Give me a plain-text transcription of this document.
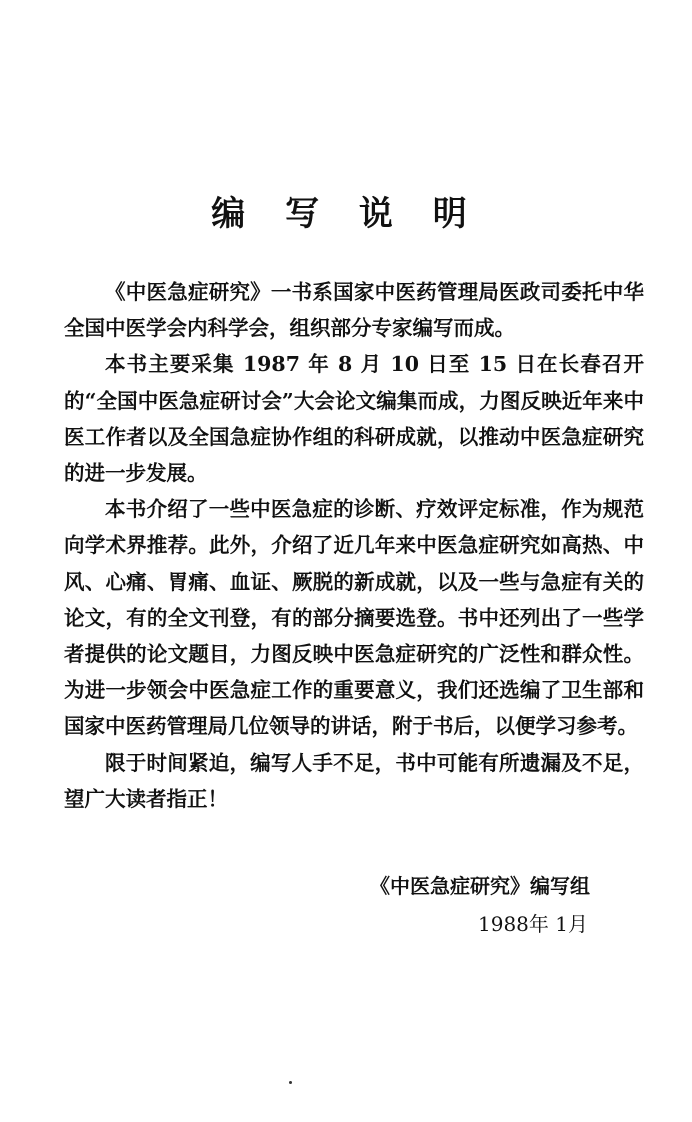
编 写 说 明

《中医急症研究》一书系国家中医药管理局医政司委托中华全国中医学会内科学会，组织部分专家编写而成。

本书主要采集 1987 年 8 月 10 日至 15 日在长春召开的“全国中医急症研讨会”大会论文编集而成，力图反映近年来中医工作者以及全国急症协作组的科研成就，以推动中医急症研究的进一步发展。

本书介绍了一些中医急症的诊断、疗效评定标准，作为规范向学术界推荐。此外，介绍了近几年来中医急症研究如高热、中风、心痛、胃痛、血证、厥脱的新成就，以及一些与急症有关的论文，有的全文刊登，有的部分摘要选登。书中还列出了一些学者提供的论文题目，力图反映中医急症研究的广泛性和群众性。为进一步领会中医急症工作的重要意义，我们还选编了卫生部和国家中医药管理局几位领导的讲话，附于书后，以便学习参考。

限于时间紧迫，编写人手不足，书中可能有所遗漏及不足，望广大读者指正！

《中医急症研究》编写组
1988年 1月
